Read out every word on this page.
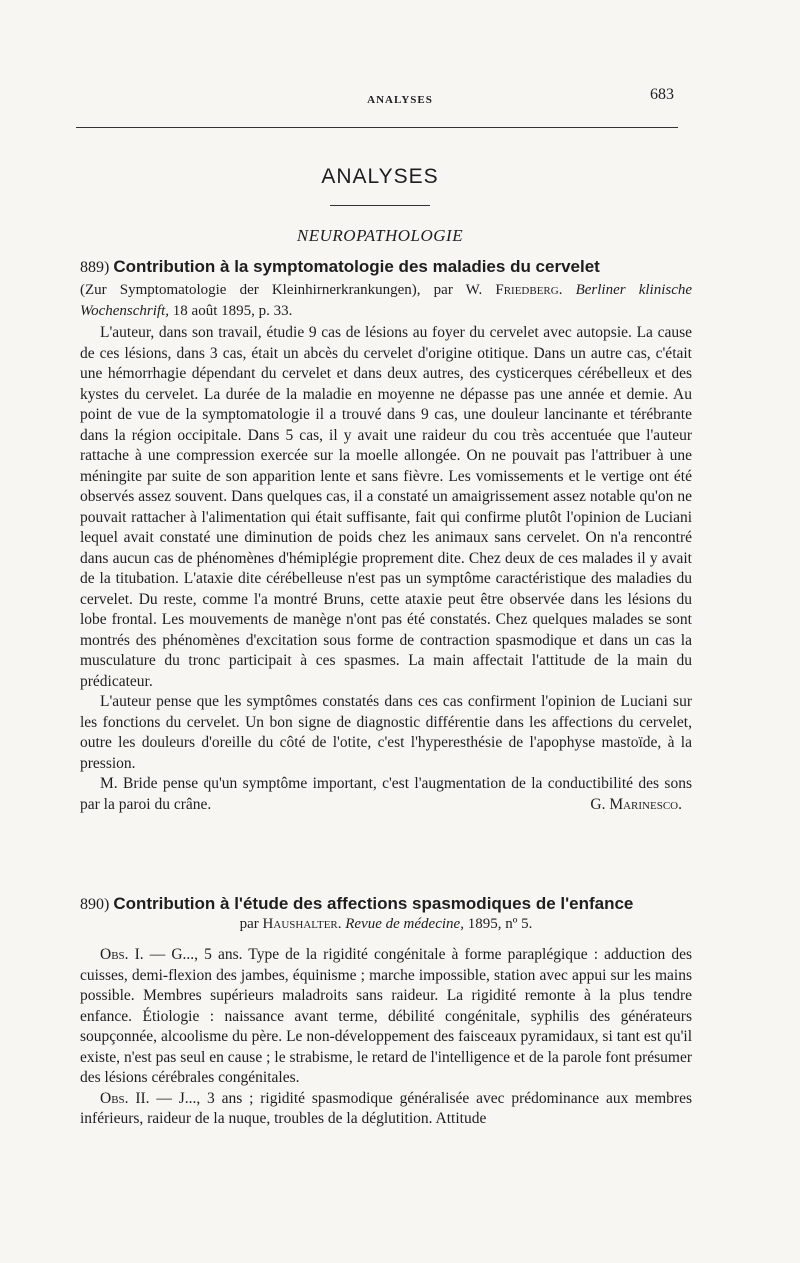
ANALYSES	683
ANALYSES
NEUROPATHOLOGIE
889) Contribution à la symptomatologie des maladies du cervelet
(Zur Symptomatologie der Kleinhirnerkrankungen), par W. Friedberg. Berliner klinische Wochenschrift, 18 août 1895, p. 33.

L'auteur, dans son travail, étudie 9 cas de lésions au foyer du cervelet avec autopsie. La cause de ces lésions, dans 3 cas, était un abcès du cervelet d'origine otitique. Dans un autre cas, c'était une hémorrhagie dépendant du cervelet et dans deux autres, des cysticerques cérébelleux et des kystes du cervelet. La durée de la maladie en moyenne ne dépasse pas une année et demie. Au point de vue de la symptomatologie il a trouvé dans 9 cas, une douleur lancinante et térébrante dans la région occipitale. Dans 5 cas, il y avait une raideur du cou très accentuée que l'auteur rattache à une compression exercée sur la moelle allongée. On ne pouvait pas l'attribuer à une méningite par suite de son apparition lente et sans fièvre. Les vomissements et le vertige ont été observés assez souvent. Dans quelques cas, il a constaté un amaigrissement assez notable qu'on ne pouvait rattacher à l'alimentation qui était suffisante, fait qui confirme plutôt l'opinion de Luciani lequel avait constaté une diminution de poids chez les animaux sans cervelet. On n'a rencontré dans aucun cas de phénomènes d'hémiplégie proprement dite. Chez deux de ces malades il y avait de la titubation. L'ataxie dite cérébelleuse n'est pas un symptôme caractéristique des maladies du cervelet. Du reste, comme l'a montré Bruns, cette ataxie peut être observée dans les lésions du lobe frontal. Les mouvements de manège n'ont pas été constatés. Chez quelques malades se sont montrés des phénomènes d'excitation sous forme de contraction spasmodique et dans un cas la musculature du tronc participait à ces spasmes. La main affectait l'attitude de la main du prédicateur.

L'auteur pense que les symptômes constatés dans ces cas confirment l'opinion de Luciani sur les fonctions du cervelet. Un bon signe de diagnostic différentie dans les affections du cervelet, outre les douleurs d'oreille du côté de l'otite, c'est l'hyperesthésie de l'apophyse mastoïde, à la pression.

M. Bride pense qu'un symptôme important, c'est l'augmentation de la conductibilité des sons par la paroi du crâne.	G. Marinesco.
890) Contribution à l'étude des affections spasmodiques de l'enfance
par Haushalter. Revue de médecine, 1895, nº 5.

Obs. I. — G..., 5 ans. Type de la rigidité congénitale à forme paraplégique : adduction des cuisses, demi-flexion des jambes, équinisme ; marche impossible, station avec appui sur les mains possible. Membres supérieurs maladroits sans raideur. La rigidité remonte à la plus tendre enfance. Étiologie : naissance avant terme, débilité congénitale, syphilis des générateurs soupçonnée, alcoolisme du père. Le non-développement des faisceaux pyramidaux, si tant est qu'il existe, n'est pas seul en cause ; le strabisme, le retard de l'intelligence et de la parole font présumer des lésions cérébrales congénitales.

Obs. II. — J..., 3 ans ; rigidité spasmodique généralisée avec prédominance aux membres inférieurs, raideur de la nuque, troubles de la déglutition. Attitude
